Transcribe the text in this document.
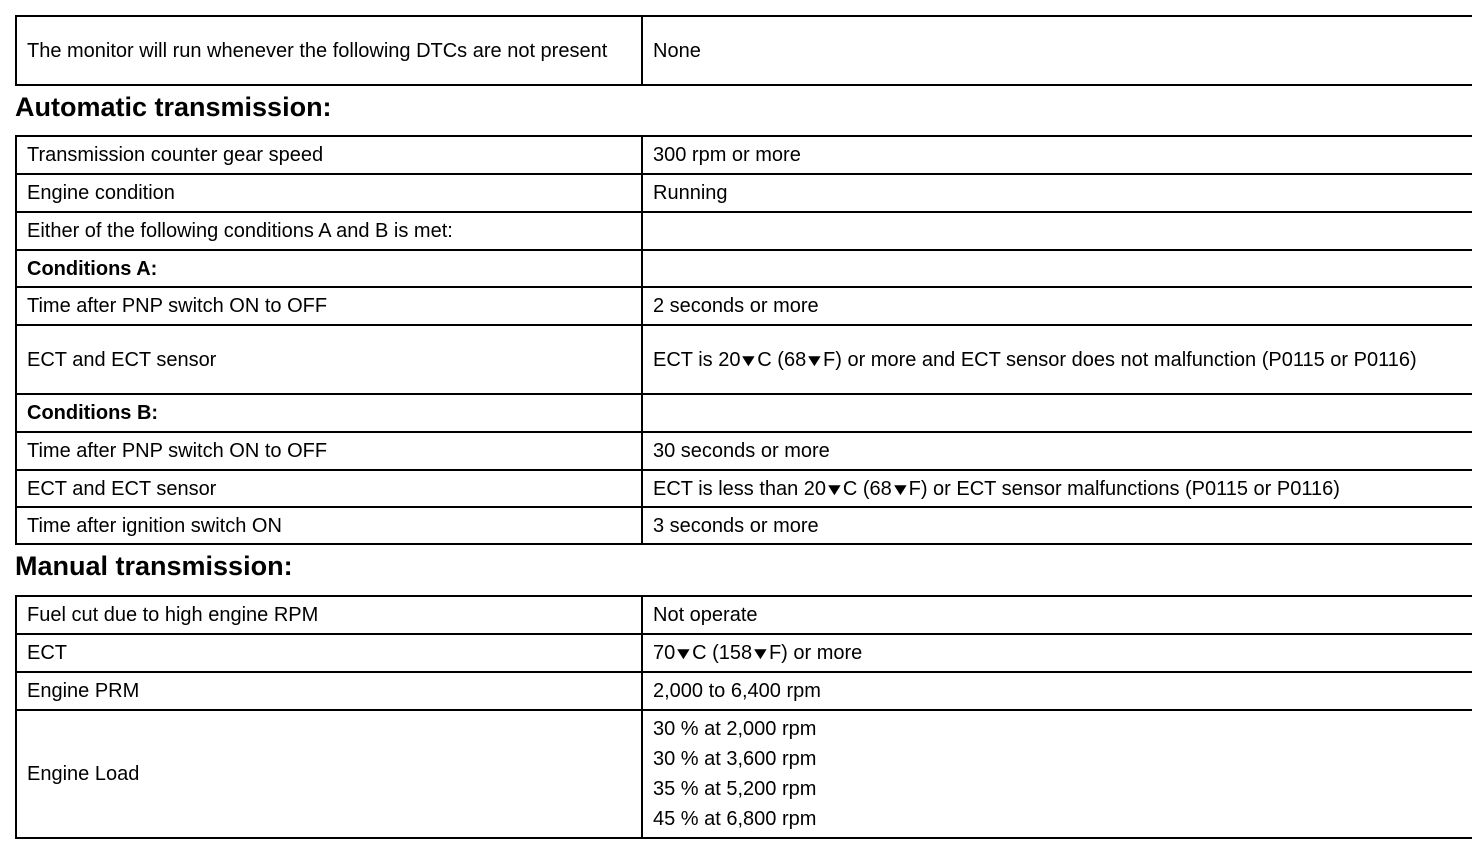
The monitor will run whenever the following DTCs are not present	None
Automatic transmission:
Transmission counter gear speed	300 rpm or more
Engine condition	Running
Either of the following conditions A and B is met:	
Conditions A:	
Time after PNP switch ON to OFF	2 seconds or more
ECT and ECT sensor	ECT is 20▼C (68▼F) or more and ECT sensor does not malfunction (P0115 or P0116)
Conditions B:	
Time after PNP switch ON to OFF	30 seconds or more
ECT and ECT sensor	ECT is less than 20▼C (68▼F) or ECT sensor malfunctions (P0115 or P0116)
Time after ignition switch ON	3 seconds or more
Manual transmission:
Fuel cut due to high engine RPM	Not operate
ECT	70▼C (158▼F) or more
Engine PRM	2,000 to 6,400 rpm
Engine Load	30 % at 2,000 rpm
30 % at 3,600 rpm
35 % at 5,200 rpm
45 % at 6,800 rpm
